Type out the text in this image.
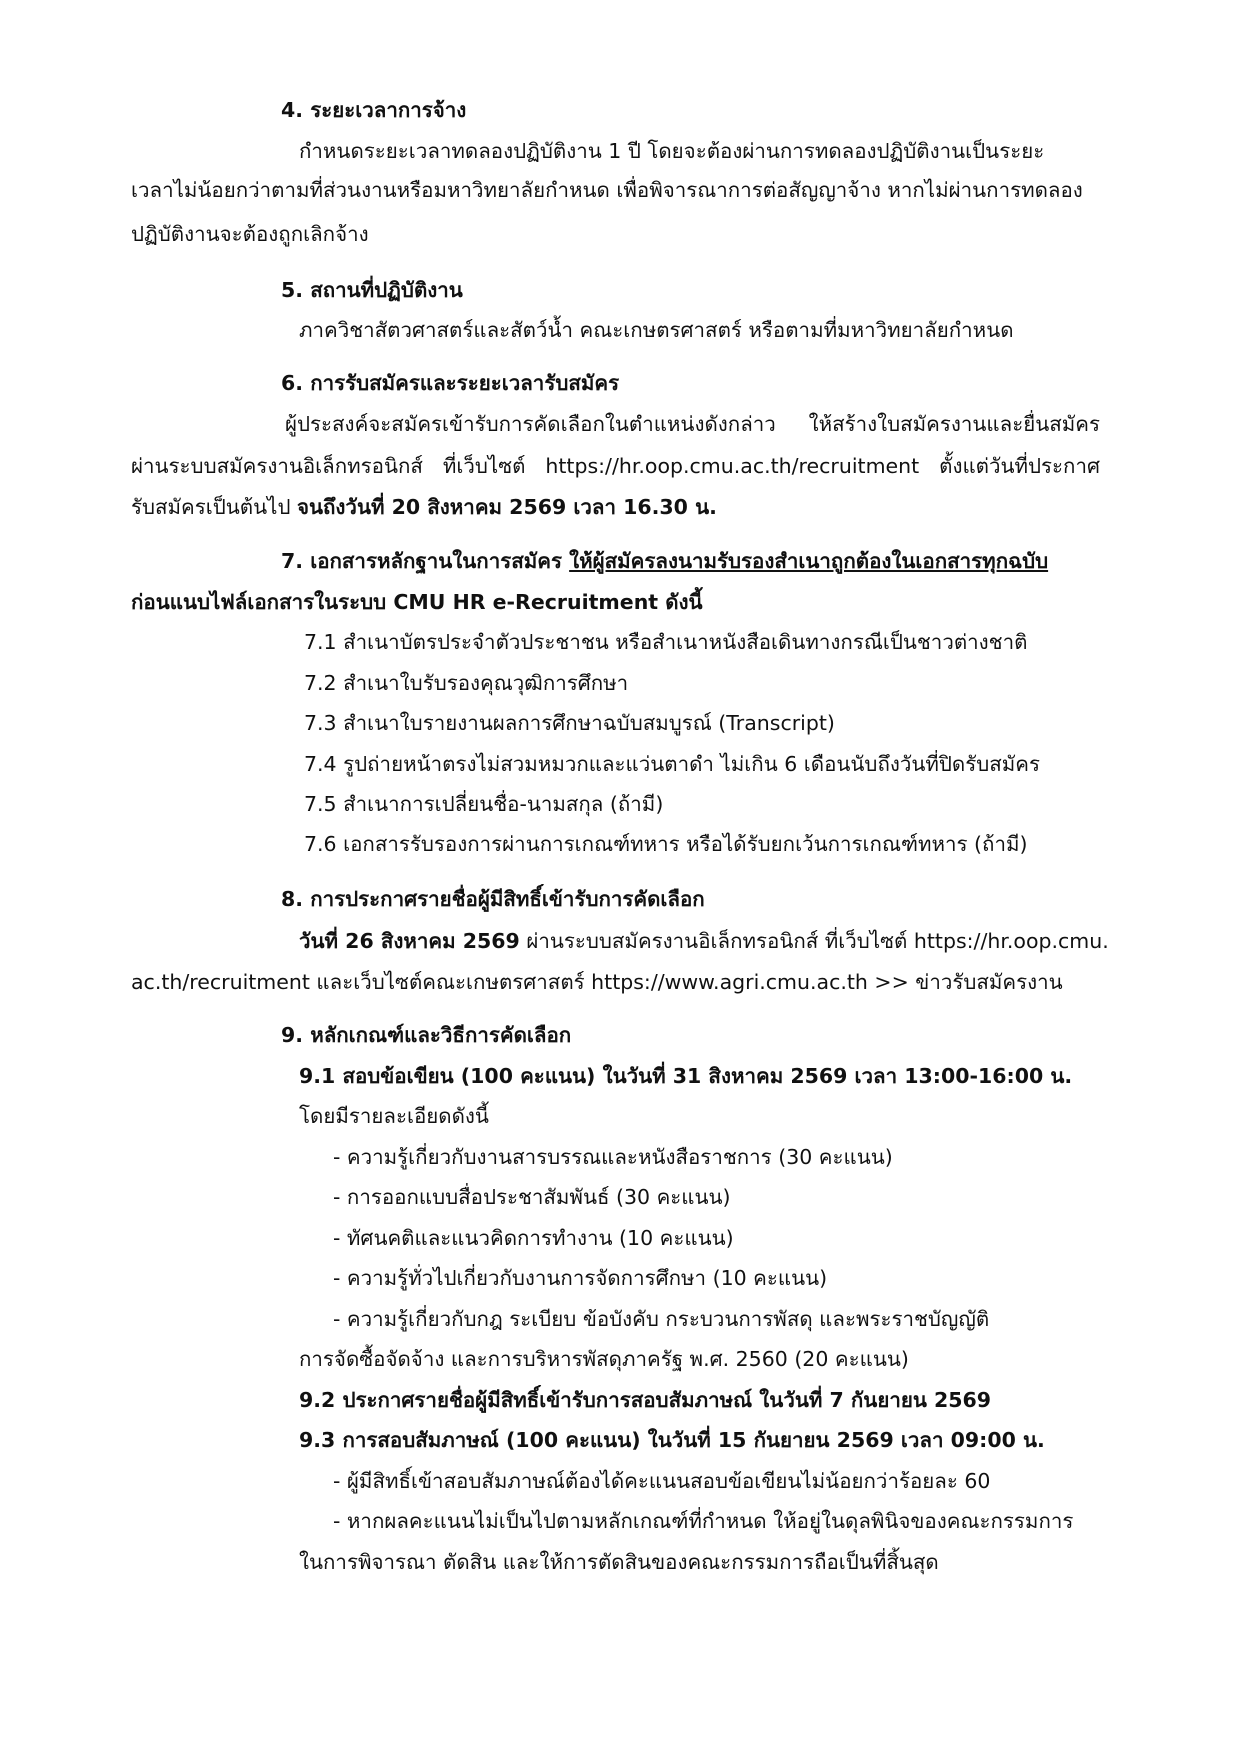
4. ระยะเวลาการจ้าง
กำหนดระยะเวลาทดลองปฏิบัติงาน 1 ปี โดยจะต้องผ่านการทดลองปฏิบัติงานเป็นระยะ
เวลาไม่น้อยกว่าตามที่ส่วนงานหรือมหาวิทยาลัยกำหนด เพื่อพิจารณาการต่อสัญญาจ้าง หากไม่ผ่านการทดลอง
ปฏิบัติงานจะต้องถูกเลิกจ้าง
5. สถานที่ปฏิบัติงาน
ภาควิชาสัตวศาสตร์และสัตว์น้ำ คณะเกษตรศาสตร์ หรือตามที่มหาวิทยาลัยกำหนด
6. การรับสมัครและระยะเวลารับสมัคร
ผู้ประสงค์จะสมัครเข้ารับการคัดเลือกในตำแหน่งดังกล่าว ให้สร้างใบสมัครงานและยื่นสมัคร
ผ่านระบบสมัครงานอิเล็กทรอนิกส์ ที่เว็บไซต์ https://hr.oop.cmu.ac.th/recruitment ตั้งแต่วันที่ประกาศ
รับสมัครเป็นต้นไป จนถึงวันที่ 20 สิงหาคม 2569 เวลา 16.30 น.
7. เอกสารหลักฐานในการสมัคร ให้ผู้สมัครลงนามรับรองสำเนาถูกต้องในเอกสารทุกฉบับ
ก่อนแนบไฟล์เอกสารในระบบ CMU HR e-Recruitment ดังนี้
7.1 สำเนาบัตรประจำตัวประชาชน หรือสำเนาหนังสือเดินทางกรณีเป็นชาวต่างชาติ
7.2 สำเนาใบรับรองคุณวุฒิการศึกษา
7.3 สำเนาใบรายงานผลการศึกษาฉบับสมบูรณ์ (Transcript)
7.4 รูปถ่ายหน้าตรงไม่สวมหมวกและแว่นตาดำ ไม่เกิน 6 เดือนนับถึงวันที่ปิดรับสมัคร
7.5 สำเนาการเปลี่ยนชื่อ-นามสกุล (ถ้ามี)
7.6 เอกสารรับรองการผ่านการเกณฑ์ทหาร หรือได้รับยกเว้นการเกณฑ์ทหาร (ถ้ามี)
8. การประกาศรายชื่อผู้มีสิทธิ์เข้ารับการคัดเลือก
วันที่ 26 สิงหาคม 2569 ผ่านระบบสมัครงานอิเล็กทรอนิกส์ ที่เว็บไซต์ https://hr.oop.cmu.
ac.th/recruitment และเว็บไซต์คณะเกษตรศาสตร์ https://www.agri.cmu.ac.th >> ข่าวรับสมัครงาน
9. หลักเกณฑ์และวิธีการคัดเลือก
9.1 สอบข้อเขียน (100 คะแนน) ในวันที่ 31 สิงหาคม 2569 เวลา 13:00-16:00 น.
โดยมีรายละเอียดดังนี้
- ความรู้เกี่ยวกับงานสารบรรณและหนังสือราชการ (30 คะแนน)
- การออกแบบสื่อประชาสัมพันธ์ (30 คะแนน)
- ทัศนคติและแนวคิดการทำงาน (10 คะแนน)
- ความรู้ทั่วไปเกี่ยวกับงานการจัดการศึกษา (10 คะแนน)
- ความรู้เกี่ยวกับกฎ ระเบียบ ข้อบังคับ กระบวนการพัสดุ และพระราชบัญญัติ
การจัดซื้อจัดจ้าง และการบริหารพัสดุภาครัฐ พ.ศ. 2560 (20 คะแนน)
9.2 ประกาศรายชื่อผู้มีสิทธิ์เข้ารับการสอบสัมภาษณ์ ในวันที่ 7 กันยายน 2569
9.3 การสอบสัมภาษณ์ (100 คะแนน) ในวันที่ 15 กันยายน 2569 เวลา 09:00 น.
- ผู้มีสิทธิ์เข้าสอบสัมภาษณ์ต้องได้คะแนนสอบข้อเขียนไม่น้อยกว่าร้อยละ 60
- หากผลคะแนนไม่เป็นไปตามหลักเกณฑ์ที่กำหนด ให้อยู่ในดุลพินิจของคณะกรรมการ
ในการพิจารณา ตัดสิน และให้การตัดสินของคณะกรรมการถือเป็นที่สิ้นสุด
